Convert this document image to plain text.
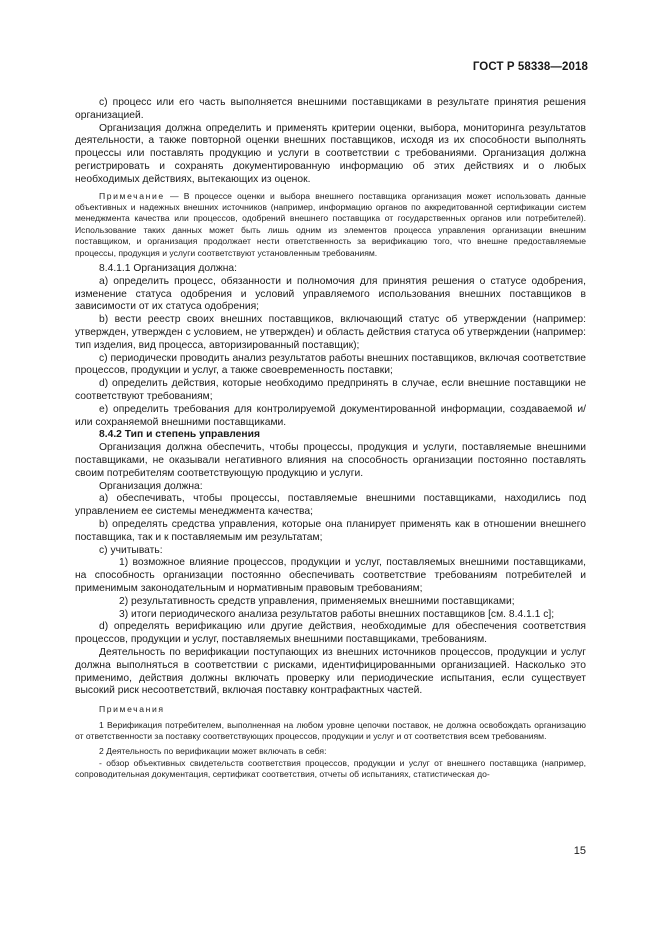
ГОСТ Р 58338—2018

c) процесс или его часть выполняется внешними поставщиками в результате принятия решения организацией.

Организация должна определить и применять критерии оценки, выбора, мониторинга результатов деятельности, а также повторной оценки внешних поставщиков, исходя из их способности выполнять процессы или поставлять продукцию и услуги в соответствии с требованиями. Организация должна регистрировать и сохранять документированную информацию об этих действиях и о любых необходимых действиях, вытекающих из оценок.

Примечание — В процессе оценки и выбора внешнего поставщика организация может использовать данные объективных и надежных внешних источников (например, информацию органов по аккредитованной сертификации систем менеджмента качества или процессов, одобрений внешнего поставщика от государственных органов или потребителей). Использование таких данных может быть лишь одним из элементов процесса управления организации внешним поставщиком, и организация продолжает нести ответственность за верификацию того, что внешне предоставляемые процессы, продукция и услуги соответствуют установленным требованиям.

8.4.1.1 Организация должна:

a) определить процесс, обязанности и полномочия для принятия решения о статусе одобрения, изменение статуса одобрения и условий управляемого использования внешних поставщиков в зависимости от их статуса одобрения;

b) вести реестр своих внешних поставщиков, включающий статус об утверждении (например: утвержден, утвержден с условием, не утвержден) и область действия статуса об утверждении (например: тип изделия, вид процесса, авторизированный поставщик);

c) периодически проводить анализ результатов работы внешних поставщиков, включая соответствие процессов, продукции и услуг, а также своевременность поставки;

d) определить действия, которые необходимо предпринять в случае, если внешние поставщики не соответствуют требованиям;

e) определить требования для контролируемой документированной информации, создаваемой и/или сохраняемой внешними поставщиками.

8.4.2 Тип и степень управления

Организация должна обеспечить, чтобы процессы, продукция и услуги, поставляемые внешними поставщиками, не оказывали негативного влияния на способность организации постоянно поставлять своим потребителям соответствующую продукцию и услуги.

Организация должна:

a) обеспечивать, чтобы процессы, поставляемые внешними поставщиками, находились под управлением ее системы менеджмента качества;

b) определять средства управления, которые она планирует применять как в отношении внешнего поставщика, так и к поставляемым им результатам;

c) учитывать:

1) возможное влияние процессов, продукции и услуг, поставляемых внешними поставщиками, на способность организации постоянно обеспечивать соответствие требованиям потребителей и применимым законодательным и нормативным правовым требованиям;

2) результативность средств управления, применяемых внешними поставщиками;

3) итоги периодического анализа результатов работы внешних поставщиков [см. 8.4.1.1 c];

d) определять верификацию или другие действия, необходимые для обеспечения соответствия процессов, продукции и услуг, поставляемых внешними поставщиками, требованиям.

Деятельность по верификации поступающих из внешних источников процессов, продукции и услуг должна выполняться в соответствии с рисками, идентифицированными организацией. Насколько это применимо, действия должны включать проверку или периодические испытания, если существует высокий риск несоответствий, включая поставку контрафактных частей.

Примечания

1 Верификация потребителем, выполненная на любом уровне цепочки поставок, не должна освобождать организацию от ответственности за поставку соответствующих процессов, продукции и услуг и от соответствия всем требованиям.

2 Деятельность по верификации может включать в себя:

- обзор объективных свидетельств соответствия процессов, продукции и услуг от внешнего поставщика (например, сопроводительная документация, сертификат соответствия, отчеты об испытаниях, статистическая до-

15
